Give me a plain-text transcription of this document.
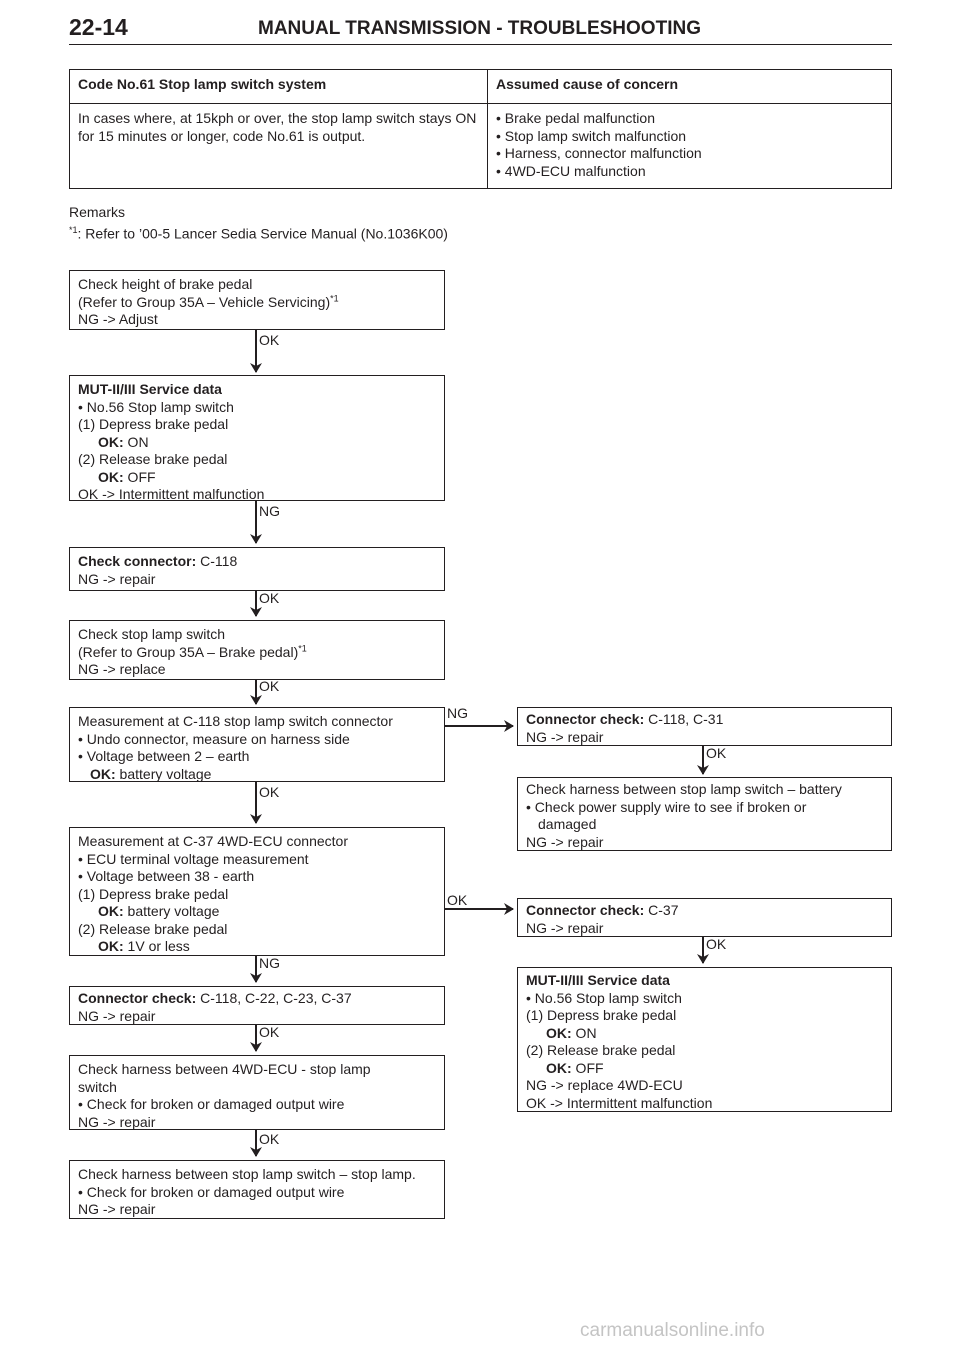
22-14	MANUAL TRANSMISSION - TROUBLESHOOTING
Code No.61 Stop lamp switch system	Assumed cause of concern
In cases where, at 15kph or over, the stop lamp switch stays ON for 15 minutes or longer, code No.61 is output.	• Brake pedal malfunction
• Stop lamp switch malfunction
• Harness, connector malfunction
• 4WD-ECU malfunction
Remarks
$^{*1}$: Refer to ’00-5 Lancer Sedia Service Manual (No.1036K00)
Check height of brake pedal
(Refer to Group 35A – Vehicle Servicing)$^{*1}$
NG -> Adjust
OK
MUT-II/III Service data
• No.56 Stop lamp switch
(1) Depress brake pedal
OK: ON
(2) Release brake pedal
OK: OFF
OK -> Intermittent malfunction
NG
Check connector: C-118
NG -> repair
OK
Check stop lamp switch
(Refer to Group 35A – Brake pedal)$^{*1}$
NG -> replace
OK
Measurement at C-118 stop lamp switch connector
• Undo connector, measure on harness side
• Voltage between 2 – earth
OK: battery voltage
OK
NG
Measurement at C-37 4WD-ECU connector
• ECU terminal voltage measurement
• Voltage between 38 - earth
(1) Depress brake pedal
OK: battery voltage
(2) Release brake pedal
OK: 1V or less
NG
OK
Connector check: C-118, C-22, C-23, C-37
NG -> repair
OK
Check harness between 4WD-ECU - stop lamp
switch
• Check for broken or damaged output wire
NG -> repair
OK
Check harness between stop lamp switch – stop lamp.
• Check for broken or damaged output wire
NG -> repair
Connector check: C-118, C-31
NG -> repair
OK
Check harness between stop lamp switch – battery
• Check power supply wire to see if broken or
damaged
NG -> repair
Connector check: C-37
NG -> repair
OK
MUT-II/III Service data
• No.56 Stop lamp switch
(1) Depress brake pedal
OK: ON
(2) Release brake pedal
OK: OFF
NG -> replace 4WD-ECU
OK -> Intermittent malfunction
carmanualsonline.info
